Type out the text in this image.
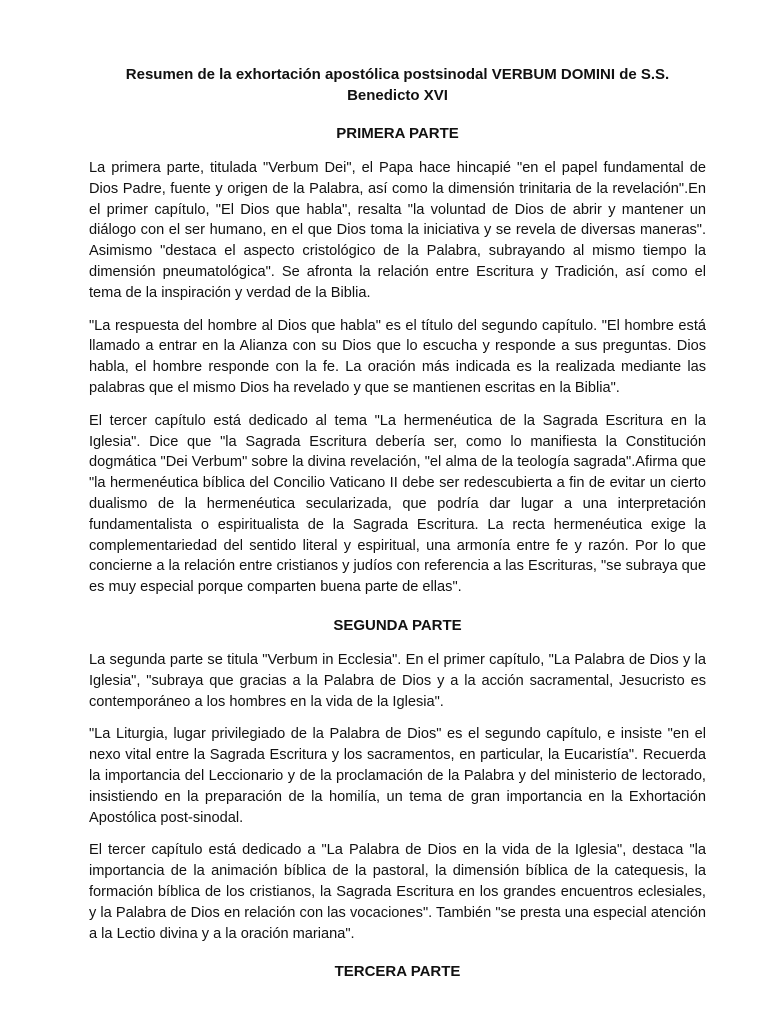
Resumen de la exhortación apostólica postsinodal VERBUM DOMINI de S.S.
Benedicto XVI

PRIMERA PARTE

La primera parte, titulada "Verbum Dei", el Papa hace hincapié "en el papel fundamental de Dios Padre, fuente y origen de la Palabra, así como la dimensión trinitaria de la revelación".En el primer capítulo, "El Dios que habla", resalta "la voluntad de Dios de abrir y mantener un diálogo con el ser humano, en el que Dios toma la iniciativa y se revela de diversas maneras". Asimismo "destaca el aspecto cristológico de la Palabra, subrayando al mismo tiempo la dimensión pneumatológica". Se afronta la relación entre Escritura y Tradición, así como el tema de la inspiración y verdad de la Biblia.

"La respuesta del hombre al Dios que habla" es el título del segundo capítulo. "El hombre está llamado a entrar en la Alianza con su Dios que lo escucha y responde a sus preguntas. Dios habla, el hombre responde con la fe. La oración más indicada es la realizada mediante las palabras que el mismo Dios ha revelado y que se mantienen escritas en la Biblia".

El tercer capítulo está dedicado al tema "La hermenéutica de la Sagrada Escritura en la Iglesia". Dice que "la Sagrada Escritura debería ser, como lo manifiesta la Constitución dogmática "Dei Verbum" sobre la divina revelación, "el alma de la teología sagrada".Afirma que "la hermenéutica bíblica del Concilio Vaticano II debe ser redescubierta a fin de evitar un cierto dualismo de la hermenéutica secularizada, que podría dar lugar a una interpretación fundamentalista o espiritualista de la Sagrada Escritura. La recta hermenéutica exige la complementariedad del sentido literal y espiritual, una armonía entre fe y razón. Por lo que concierne a la relación entre cristianos y judíos con referencia a las Escrituras, "se subraya que es muy especial porque comparten buena parte de ellas".

SEGUNDA PARTE

La segunda parte se titula "Verbum in Ecclesia". En el primer capítulo, "La Palabra de Dios y la Iglesia", "subraya que gracias a la Palabra de Dios y a la acción sacramental, Jesucristo es contemporáneo a los hombres en la vida de la Iglesia".

"La Liturgia, lugar privilegiado de la Palabra de Dios" es el segundo capítulo, e insiste "en el nexo vital entre la Sagrada Escritura y los sacramentos, en particular, la Eucaristía". Recuerda la importancia del Leccionario y de la proclamación de la Palabra y del ministerio de lectorado, insistiendo en la preparación de la homilía, un tema de gran importancia en la Exhortación Apostólica post-sinodal.

El tercer capítulo está dedicado a "La Palabra de Dios en la vida de la Iglesia", destaca "la importancia de la animación bíblica de la pastoral, la dimensión bíblica de la catequesis, la formación bíblica de los cristianos, la Sagrada Escritura en los grandes encuentros eclesiales, y la Palabra de Dios en relación con las vocaciones". También "se presta una especial atención a la Lectio divina y a la oración mariana".

TERCERA PARTE
